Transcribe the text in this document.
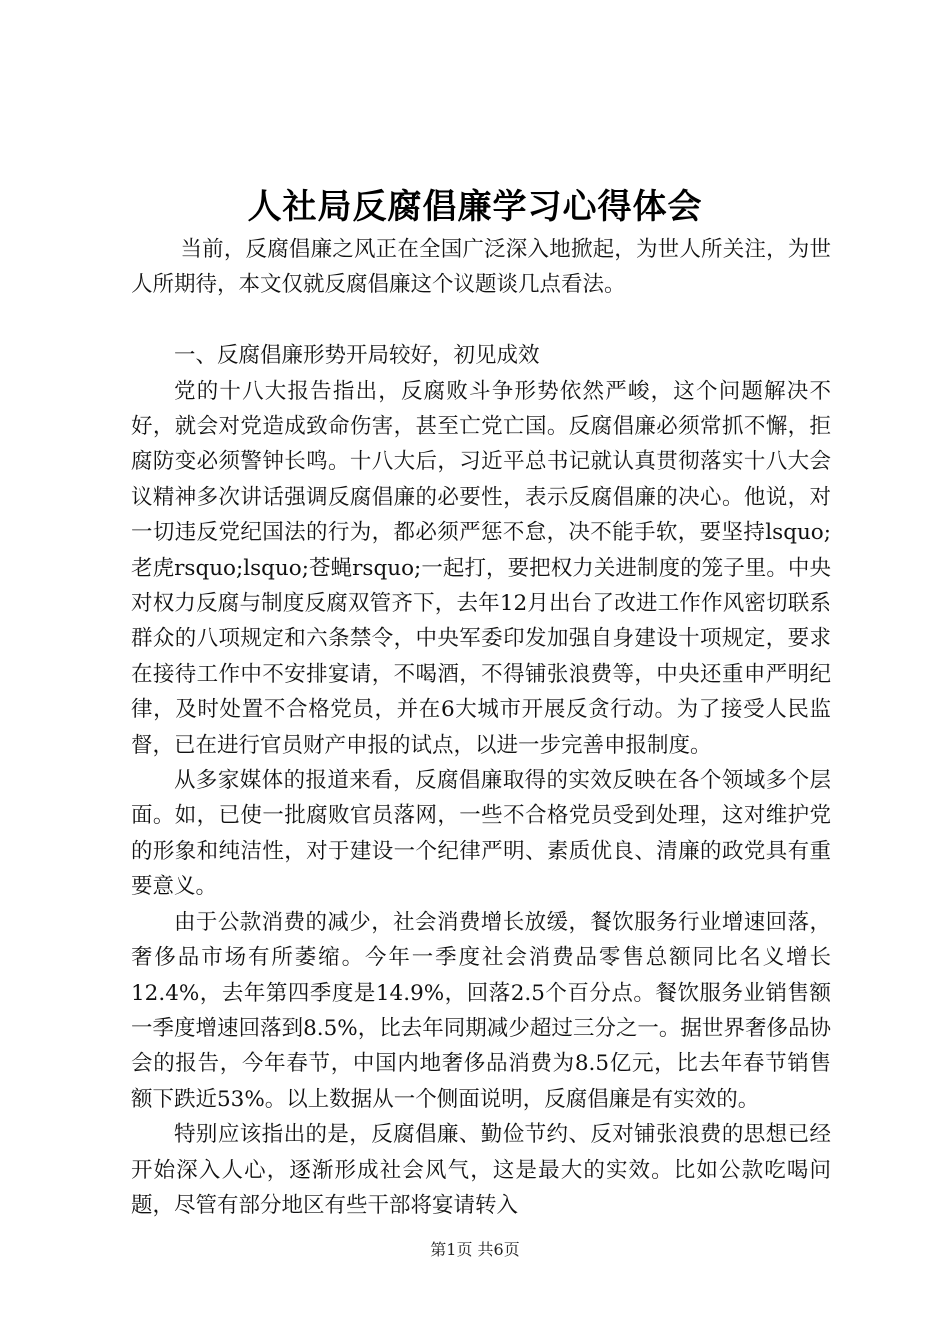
人社局反腐倡廉学习心得体会

当前，反腐倡廉之风正在全国广泛深入地掀起，为世人所关注，为世人所期待，本文仅就反腐倡廉这个议题谈几点看法。

一、反腐倡廉形势开局较好，初见成效

党的十八大报告指出，反腐败斗争形势依然严峻，这个问题解决不好，就会对党造成致命伤害，甚至亡党亡国。反腐倡廉必须常抓不懈，拒腐防变必须警钟长鸣。十八大后，习近平总书记就认真贯彻落实十八大会议精神多次讲话强调反腐倡廉的必要性，表示反腐倡廉的决心。他说，对一切违反党纪国法的行为，都必须严惩不怠，决不能手软，要坚持lsquo;老虎rsquo;lsquo;苍蝇rsquo;一起打，要把权力关进制度的笼子里。中央对权力反腐与制度反腐双管齐下，去年12月出台了改进工作作风密切联系群众的八项规定和六条禁令，中央军委印发加强自身建设十项规定，要求在接待工作中不安排宴请，不喝酒，不得铺张浪费等，中央还重申严明纪律，及时处置不合格党员，并在6大城市开展反贪行动。为了接受人民监督，已在进行官员财产申报的试点，以进一步完善申报制度。

从多家媒体的报道来看，反腐倡廉取得的实效反映在各个领域多个层面。如，已使一批腐败官员落网，一些不合格党员受到处理，这对维护党的形象和纯洁性，对于建设一个纪律严明、素质优良、清廉的政党具有重要意义。

由于公款消费的减少，社会消费增长放缓，餐饮服务行业增速回落，奢侈品市场有所萎缩。今年一季度社会消费品零售总额同比名义增长12.4%，去年第四季度是14.9%，回落2.5个百分点。餐饮服务业销售额一季度增速回落到8.5%，比去年同期减少超过三分之一。据世界奢侈品协会的报告，今年春节，中国内地奢侈品消费为8.5亿元，比去年春节销售额下跌近53%。以上数据从一个侧面说明，反腐倡廉是有实效的。

特别应该指出的是，反腐倡廉、勤俭节约、反对铺张浪费的思想已经开始深入人心，逐渐形成社会风气，这是最大的实效。比如公款吃喝问题，尽管有部分地区有些干部将宴请转入

第1页 共6页
